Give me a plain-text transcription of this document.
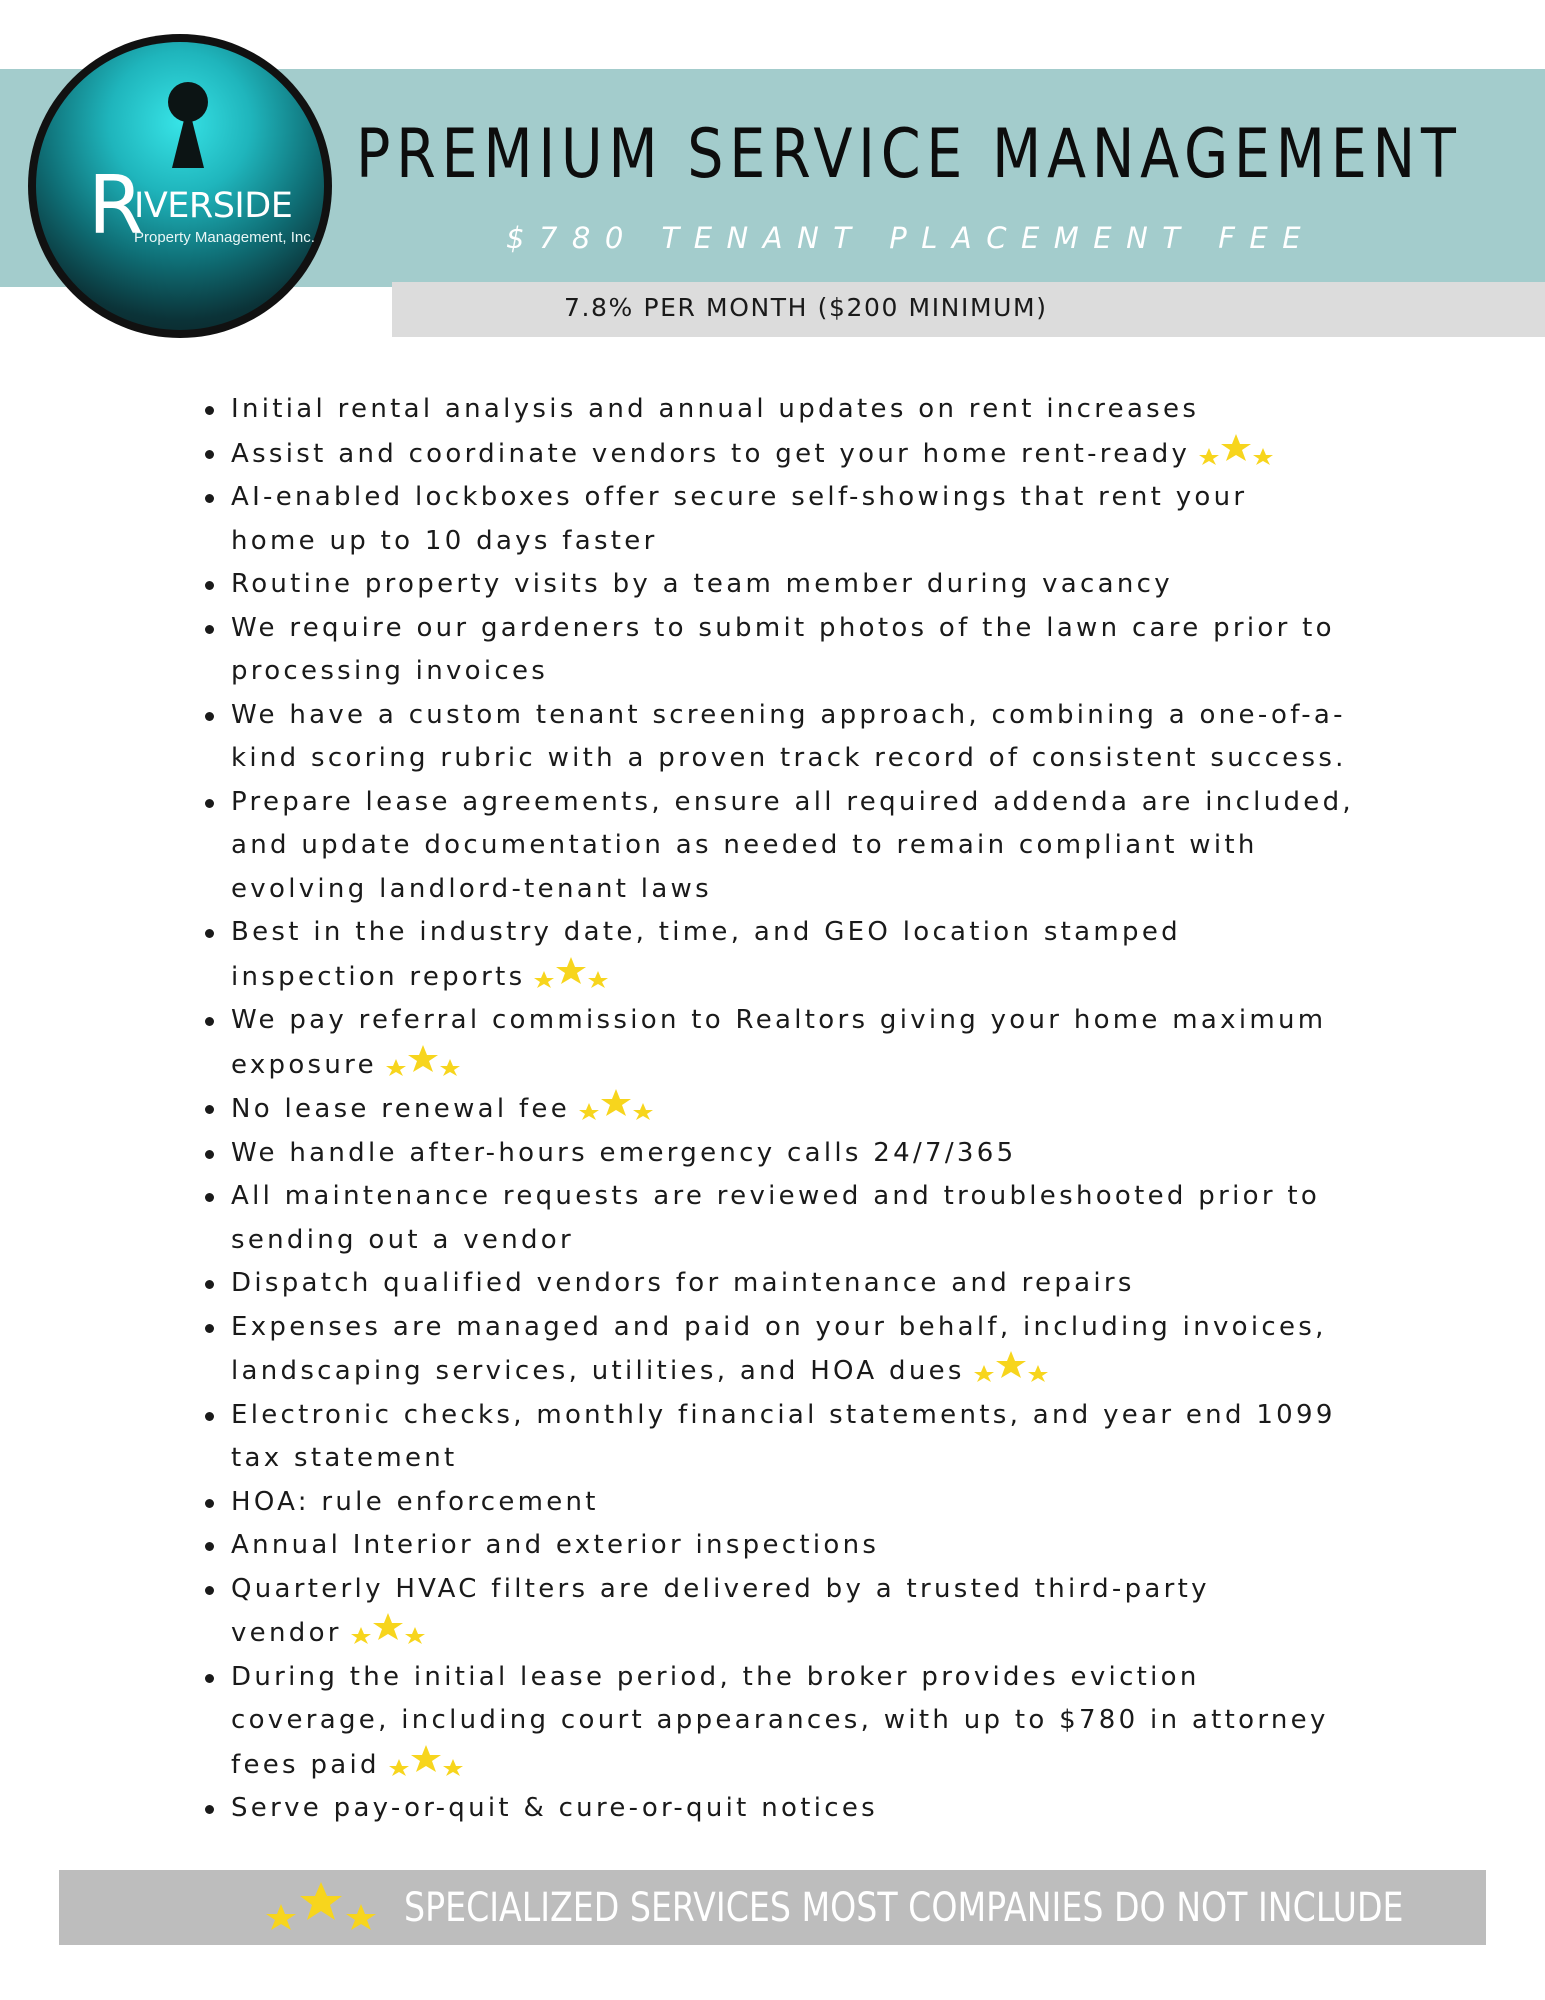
7.8% PER MONTH ($200 MINIMUM)
R
IVERSIDE
Property Management, Inc.
PREMIUM SERVICE MANAGEMENT
$780 TENANT PLACEMENT FEE
Initial rental analysis and annual updates on rent increases
Assist and coordinate vendors to get your home rent-ready
AI-enabled lockboxes offer secure self-showings that rent your
home up to 10 days faster
Routine property visits by a team member during vacancy
We require our gardeners to submit photos of the lawn care prior to
processing invoices
We have a custom tenant screening approach, combining a one-of-a-
kind scoring rubric with a proven track record of consistent success.
Prepare lease agreements, ensure all required addenda are included,
and update documentation as needed to remain compliant with
evolving landlord-tenant laws
Best in the industry date, time, and GEO location stamped
inspection reports
We pay referral commission to Realtors giving your home maximum
exposure
No lease renewal fee
We handle after-hours emergency calls 24/7/365
All maintenance requests are reviewed and troubleshooted prior to
sending out a vendor
Dispatch qualified vendors for maintenance and repairs
Expenses are managed and paid on your behalf, including invoices,
landscaping services, utilities, and HOA dues
Electronic checks, monthly financial statements, and year end 1099
tax statement
HOA: rule enforcement
Annual Interior and exterior inspections
Quarterly HVAC filters are delivered by a trusted third-party
vendor
During the initial lease period, the broker provides eviction
coverage, including court appearances, with up to $780 in attorney
fees paid
Serve pay-or-quit & cure-or-quit notices
SPECIALIZED SERVICES MOST COMPANIES DO NOT INCLUDE
